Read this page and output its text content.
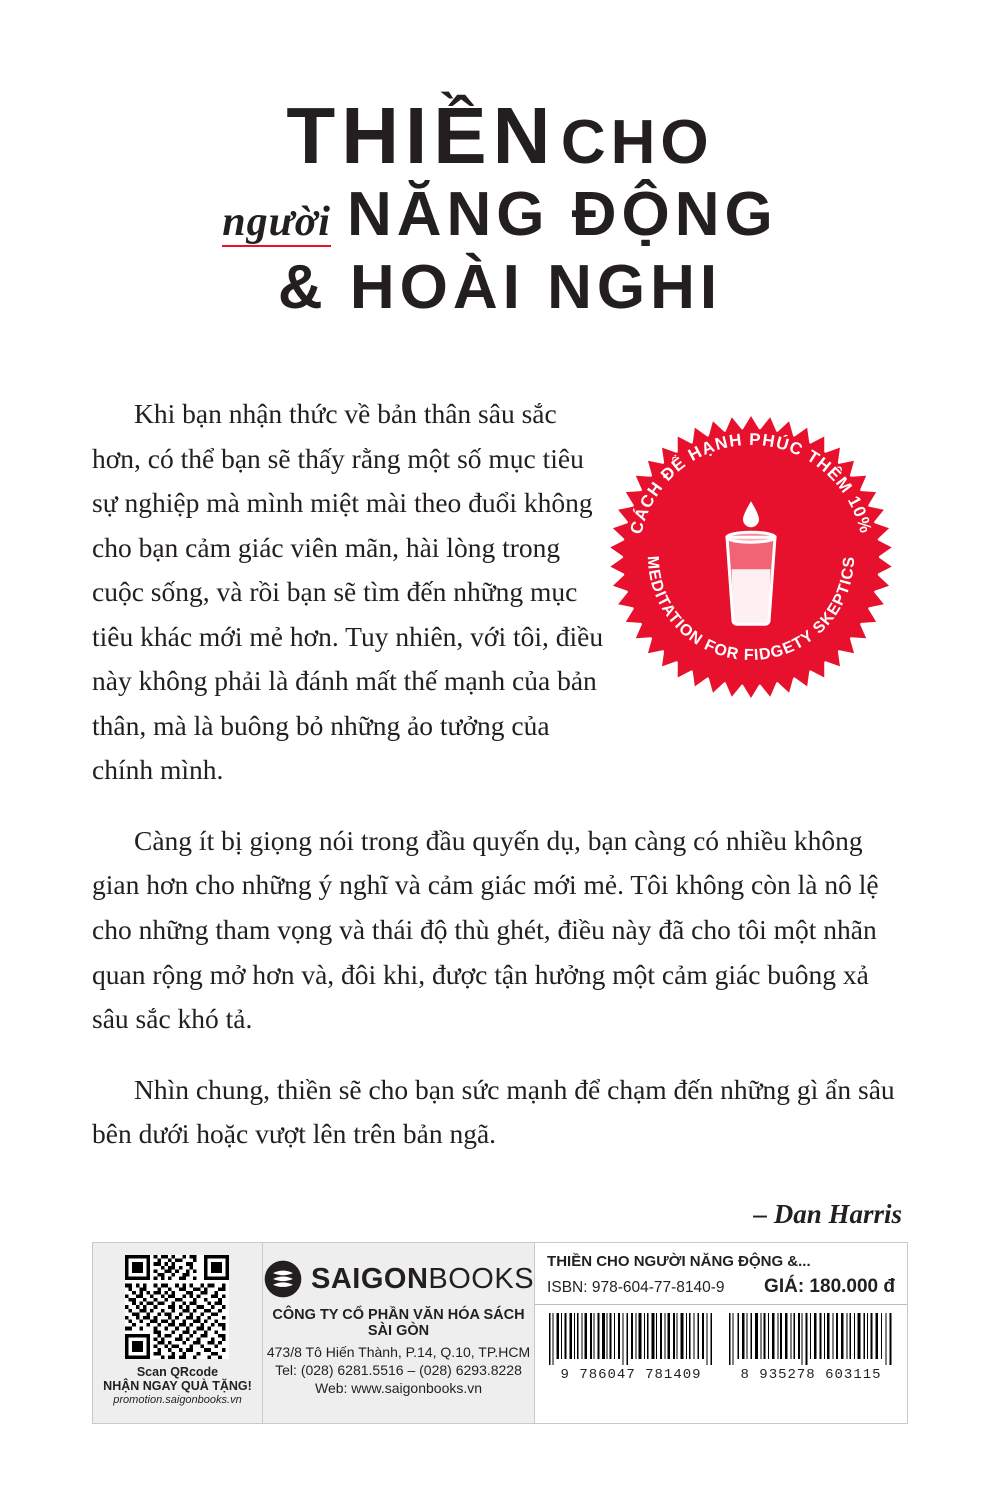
THIỀN CHO
người NĂNG ĐỘNG
& HOÀI NGHI
CÁCH ĐỂ HẠNH PHÚC THÊM 10%
MEDITATION FOR FIDGETY SKEPTICS

Khi bạn nhận thức về bản thân sâu sắc hơn, có thể bạn sẽ thấy rằng một số mục tiêu sự nghiệp mà mình miệt mài theo đuổi không cho bạn cảm giác viên mãn, hài lòng trong cuộc sống, và rồi bạn sẽ tìm đến những mục tiêu khác mới mẻ hơn. Tuy nhiên, với tôi, điều này không phải là đánh mất thế mạnh của bản thân, mà là buông bỏ những ảo tưởng của chính mình.

Càng ít bị giọng nói trong đầu quyến dụ, bạn càng có nhiều không gian hơn cho những ý nghĩ và cảm giác mới mẻ. Tôi không còn là nô lệ cho những tham vọng và thái độ thù ghét, điều này đã cho tôi một nhãn quan rộng mở hơn và, đôi khi, được tận hưởng một cảm giác buông xả sâu sắc khó tả.

Nhìn chung, thiền sẽ cho bạn sức mạnh để chạm đến những gì ẩn sâu bên dưới hoặc vượt lên trên bản ngã.

– Dan Harris
Scan QRcode
NHẬN NGAY QUÀ TẶNG!
promotion.saigonbooks.vn
SAIGONBOOKS
CÔNG TY CỔ PHẦN VĂN HÓA SÁCH SÀI GÒN
473/8 Tô Hiến Thành, P.14, Q.10, TP.HCM
Tel: (028) 6281.5516 – (028) 6293.8228
Web: www.saigonbooks.vn
THIỀN CHO NGƯỜI NĂNG ĐỘNG &...
ISBN: 978-604-77-8140-9	GIÁ: 180.000 đ
9 786047 781409	8 935278 603115
